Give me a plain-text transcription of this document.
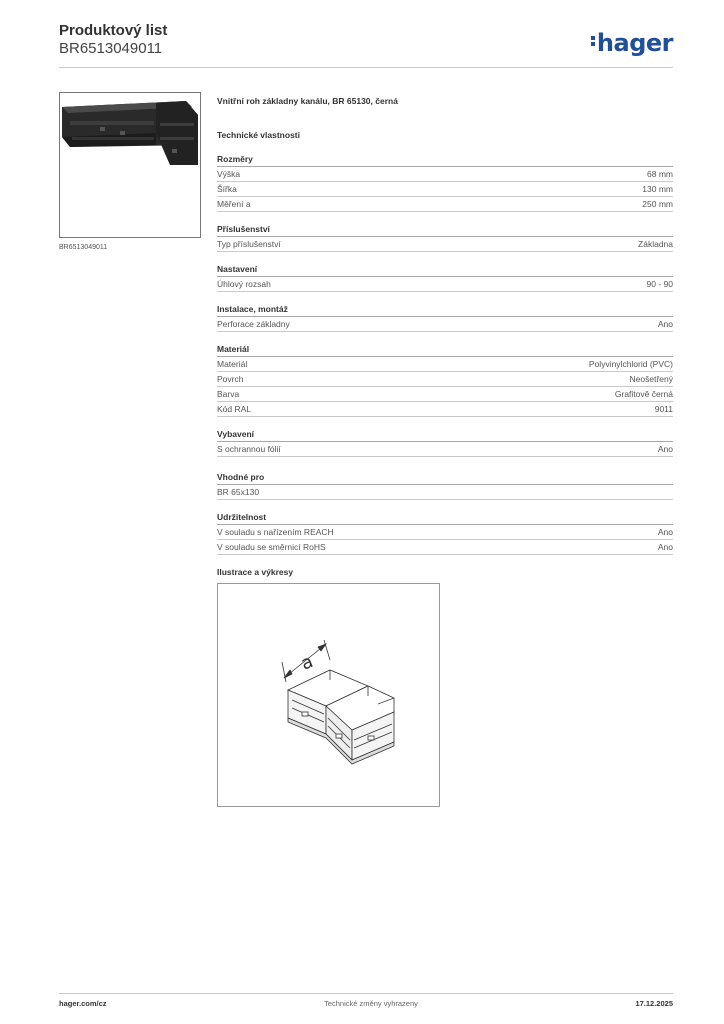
Produktový list
BR6513049011	hager
BR6513049011
Vnitřní roh základny kanálu, BR 65130, černá
Technické vlastnosti
Rozměry
Výška	68 mm
Šířka	130 mm
Měření a	250 mm
Příslušenství
Typ příslušenství	Základna
Nastavení
Úhlový rozsah	90 - 90
Instalace, montáž
Perforace základny	Ano
Materiál
Materiál	Polyvinylchlorid (PVC)
Povrch	Neošetřený
Barva	Grafitově černá
Kód RAL	9011
Vybavení
S ochrannou fólií	Ano
Vhodné pro
BR 65x130
Udržitelnost
V souladu s nařízením REACH	Ano
V souladu se směrnicí RoHS	Ano
Ilustrace a výkresy
a
hager.com/cz	Technické změny vyhrazeny	17.12.2025
